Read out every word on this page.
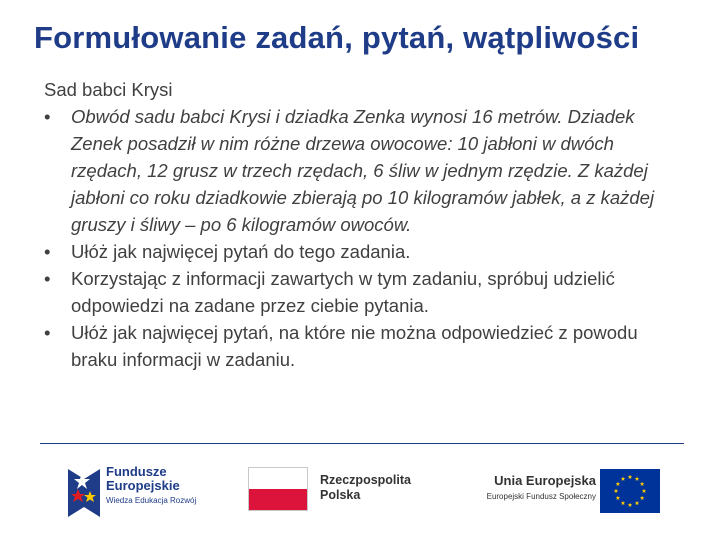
Formułowanie zadań, pytań, wątpliwości

Sad babci Krysi

•	Obwód sadu babci Krysi i dziadka Zenka wynosi 16 metrów. Dziadek Zenek posadził w nim różne drzewa owocowe: 10 jabłoni w dwóch rzędach, 12 grusz w trzech rzędach, 6 śliw w jednym rzędzie. Z każdej jabłoni co roku dziadkowie zbierają po 10 kilogramów jabłek, a z każdej gruszy i śliwy – po 6 kilogramów owoców.
•	Ułóż jak najwięcej pytań do tego zadania.
•	Korzystając z informacji zawartych w tym zadaniu, spróbuj udzielić odpowiedzi na zadane przez ciebie pytania.
•	Ułóż jak najwięcej pytań, na które nie można odpowiedzieć z powodu braku informacji w zadaniu.
Fundusze
Europejskie
Wiedza Edukacja Rozwój
Rzeczpospolita
Polska
Unia Europejska
Europejski Fundusz Społeczny
